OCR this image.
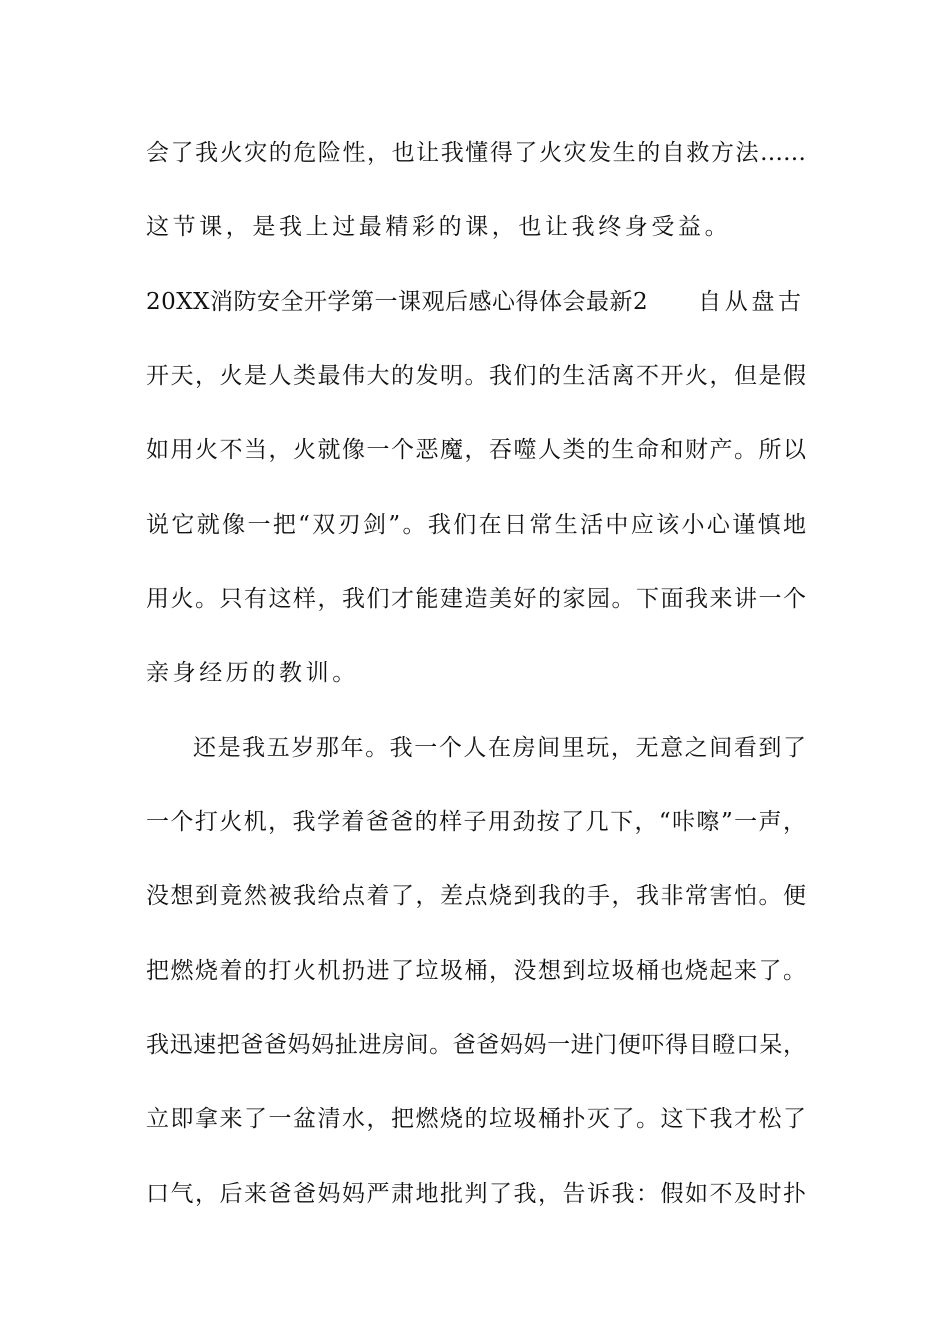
会了我火灾的危险性，也让我懂得了火灾发生的自救方法……
这节课，是我上过最精彩的课，也让我终身受益。
20XX消防安全开学第一课观后感心得体会最新2 自从盘古
开天，火是人类最伟大的发明。我们的生活离不开火，但是假
如用火不当，火就像一个恶魔，吞噬人类的生命和财产。所以
说它就像一把“双刃剑”。我们在日常生活中应该小心谨慎地
用火。只有这样，我们才能建造美好的家园。下面我来讲一个
亲身经历的教训。
还是我五岁那年。我一个人在房间里玩，无意之间看到了
一个打火机，我学着爸爸的样子用劲按了几下，“咔嚓”一声，
没想到竟然被我给点着了，差点烧到我的手，我非常害怕。便
把燃烧着的打火机扔进了垃圾桶，没想到垃圾桶也烧起来了。
我迅速把爸爸妈妈扯进房间。爸爸妈妈一进门便吓得目瞪口呆，
立即拿来了一盆清水，把燃烧的垃圾桶扑灭了。这下我才松了
口气，后来爸爸妈妈严肃地批判了我，告诉我：假如不及时扑
